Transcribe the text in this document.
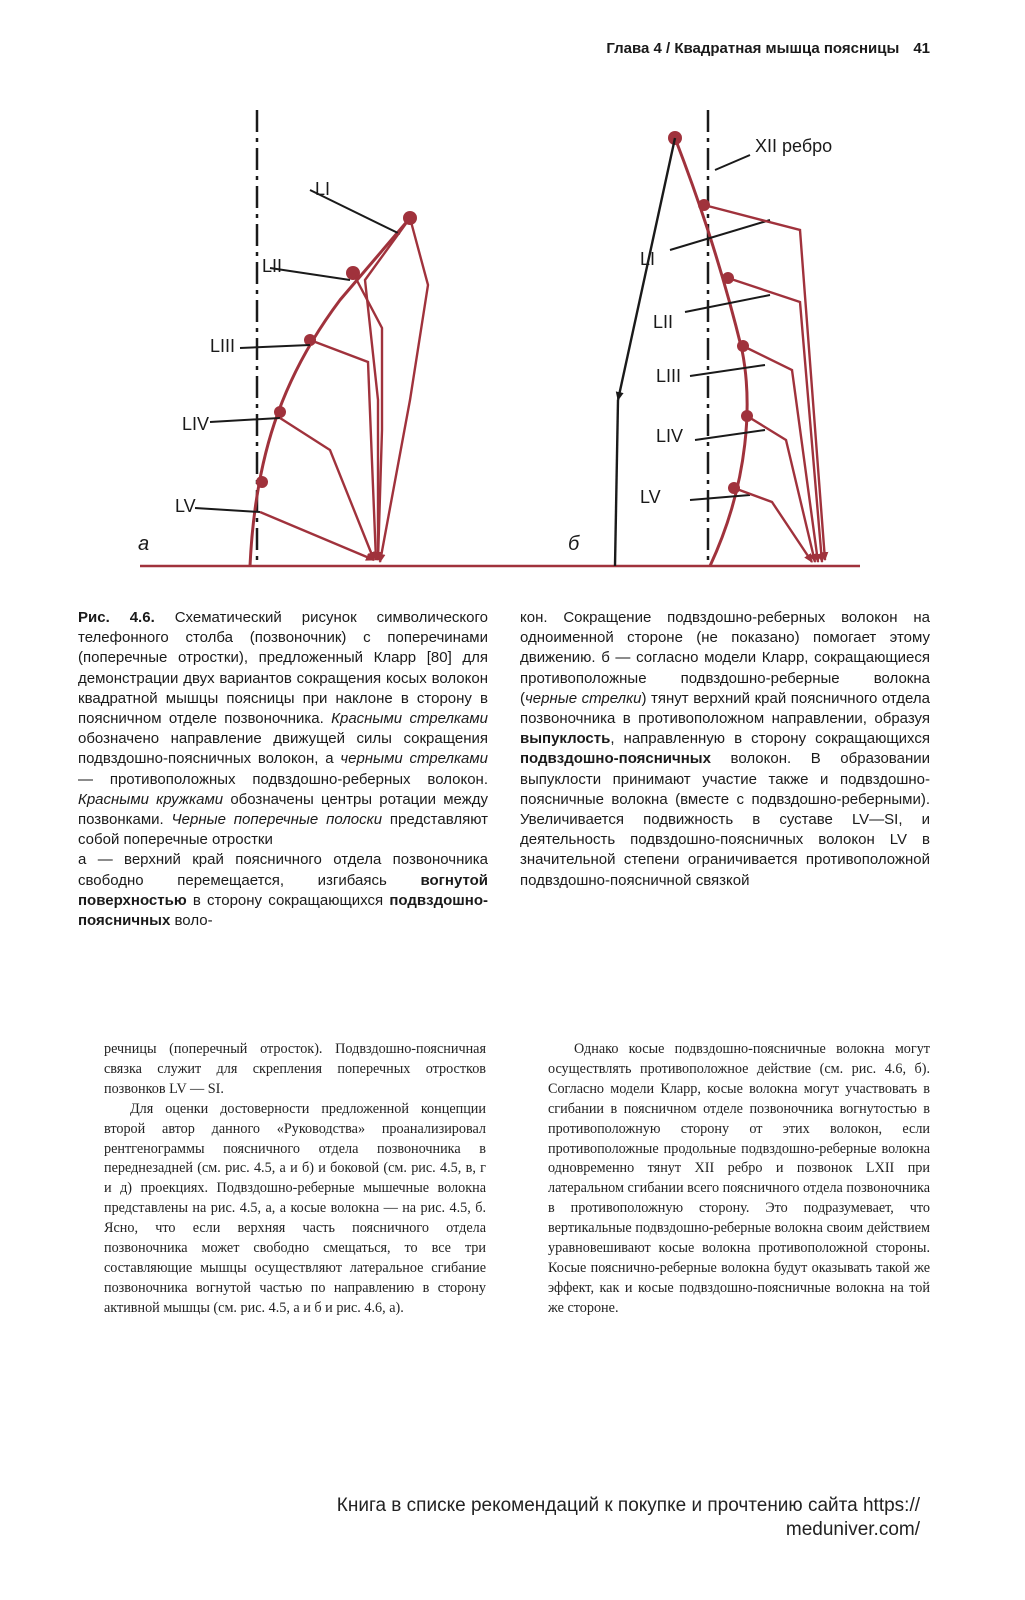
Глава 4 / Квадратная мышца поясницы 41
LI
LII
LIII
LIV
LV
a
XII ребро
LI
LII
LIII
LIV
LV
б
Рис. 4.6. Схематический рисунок символического телефонного столба (позвоночник) с поперечинами (поперечные отростки), предложенный Кларр [80] для демонстрации двух вариантов сокращения косых волокон квадратной мышцы поясницы при наклоне в сторону в поясничном отделе позвоночника. Красными стрелками обозначено направление движущей силы сокращения подвздошно-поясничных волокон, а черными стрелками — противоположных подвздошно-реберных волокон. Красными кружками обозначены центры ротации между позвонками. Черные поперечные полоски представляют собой поперечные отростки
а — верхний край поясничного отдела позвоночника свободно перемещается, изгибаясь вогнутой поверхностью в сторону сокращающихся подвздошно-поясничных воло-
кон. Сокращение подвздошно-реберных волокон на одноименной стороне (не показано) помогает этому движению. б — согласно модели Кларр, сокращающиеся противоположные подвздошно-реберные волокна (черные стрелки) тянут верхний край поясничного отдела позвоночника в противоположном направлении, образуя выпуклость, направленную в сторону сокращающихся подвздошно-поясничных волокон. В образовании выпуклости принимают участие также и подвздошно-поясничные волокна (вместе с подвздошно-реберными). Увеличивается подвижность в суставе LV—SI, и деятельность подвздошно-поясничных волокон LV в значительной степени ограничивается противоположной подвздошно-поясничной связкой

речницы (поперечный отросток). Подвздошно-поясничная связка служит для скрепления поперечных отростков позвонков LV — SI.

Для оценки достоверности предложенной концепции второй автор данного «Руководства» проанализировал рентгенограммы поясничного отдела позвоночника в переднезадней (см. рис. 4.5, а и б) и боковой (см. рис. 4.5, в, г и д) проекциях. Подвздошно-реберные мышечные волокна представлены на рис. 4.5, а, а косые волокна — на рис. 4.5, б. Ясно, что если верхняя часть поясничного отдела позвоночника может свободно смещаться, то все три составляющие мышцы осуществляют латеральное сгибание позвоночника вогнутой частью по направлению в сторону активной мышцы (см. рис. 4.5, а и б и рис. 4.6, а).

Однако косые подвздошно-поясничные волокна могут осуществлять противоположное действие (см. рис. 4.6, б). Согласно модели Кларр, косые волокна могут участвовать в сгибании в поясничном отделе позвоночника вогнутостью в противоположную сторону от этих волокон, если противоположные продольные подвздошно-реберные волокна одновременно тянут XII ребро и позвонок LXII при латеральном сгибании всего поясничного отдела позвоночника в противоположную сторону. Это подразумевает, что вертикальные подвздошно-реберные волокна своим действием уравновешивают косые волокна противоположной стороны. Косые пояснично-реберные волокна будут оказывать такой же эффект, как и косые подвздошно-поясничные волокна на той же стороне.

Книга в списке рекомендаций к покупке и прочтению сайта https://
meduniver.com/
